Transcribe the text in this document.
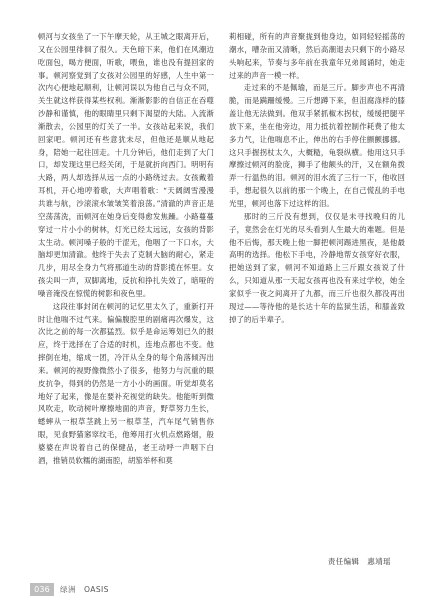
顿河与女孩坐了一下午摩天轮，从王城之眼离开后，又在公园里徘徊了很久。天色暗下来，他们在风潮边吃面包，喝方便面，听歌，喂鱼，谁也没有提回家的事。顿河察觉到了女孩对公园里的好感，人生中第一次内心便地起顺利，让顿河误以为他自己与众不同，关生就这样获得某些权利。渐渐影影的自信正在吞噬沙静和谨慎，他的眼睛里只剩下渴望的大陆。入流渐渐散去，公园里的灯关了一半。女孩站起来说，我们回家吧。顿河还有些意犹未尽，但他还是顺从地起身，陪她一起往回走。十几分钟后，他们走到了大门口，却发现这里已经关闭，于是就折向西门。明明有大路，两人却选择从远一点的小路绕过去。女孩戴着耳机，开心地哼着歌，大声唱着歌：“天阔阔雪漫漫共谁与航，沙滚滚水皱皱笑着浪荡。”清澈的声音正是空荡荡洗，而顿河在她身后变得愈发焦躁。小路蔓蔓穿过一片小小的树林，灯光已经太远远，女孩的背影太生动。顿河嗓子般的干涩无，他咽了一下口水，大脑却更加清澈。他终于失去了克制大脑的耐心，紧走几步，用尽全身力气将那道生动的背影揽在怀里。女孩尖叫一声，双脚离地，反抗和挣扎失效了，暗哑的噪音淹没在惊慌的树影和夜色里。

这段往事封闭在顿河的记忆里太久了，重新打开时让他喘不过气来。偏偏腹腔里的剧痛再次爆发，这次比之前的每一次都猛烈。似乎是命运筹划已久的报应，终于选择在了合适的时机，连地点都也不变。他摔倒在地，缩成一团，冷汗从全身的每个角落倾泻出来。顿河的视野像微然小了很多，他努力与沉重的眼皮抗争，得到的仍然是一方小小的画面。听觉却莫名地好了起来，像是在要补充视觉的缺失。他能听到微风吹走，吹动树叶摩擦地面的声音，野草努力生长，蟋蟀从一根草茎跳上另一根草茎，汽车尾气销售你眼，见食野猫窸窣纹毛，他筹用打火机点燃路烟，般婆婆在声说着自己的保健品，老王动呼一声咽下白酒，推销员软糯的湖南腔，胡笳举杯和莫

莉相碰，所有的声音聚拢到他身边，如同轻轻摇荡的潮水，嘈杂而又清晰，然后高潮退去只剩下的小路尽头响起来，节奏与多年前在我童年兄弟闻诵时，她走过来的声音一模一样。

走过来的不是佩瑜，而是三斤。脚步声也不再清脆，而是蹒跚缓慢。三斤想蹲下来，但沮腐涤样的膝盖让他无法做到。他双手紧抓椒木拐杖，缓缓把腿平放下来，坐在他旁边，用力抵抗着控制作耗费了他太多力气，让他喘息不止，伸出的右手停住颤颤挪挪。这只手握拐杖太久，大概糙，龟裂纵横。他用这只手摩擦过顿河的脸庞，狮手了他额头的汗，又在额角拨弄一行温热的泪。顿河的泪水流了三行一下，他收回手，想起很久以前的那一个晚上，在自己慌乱的手电光里，顿河也落下过这样的泪。

那时的三斤没有想到，仅仅是未寻找晚归的儿子，竟然会在灯光的尽头看到人生最大的难题。但是他不后悔，那天晚上他一脚把顿河踢进黑夜，是他最高明的选择。他松下手电，冷静地帮女孩穿好衣服，把她送到了家，顿河不知道路上三斤跟女孩说了什么，只知道从那一天起女孩再也没有来过学校，她全家似乎一夜之间离开了九都，而三斤也很久都没再出现过——等待他的是长达十年的监狱生活，和膝盖致掉了的后半辈子。

责任编辑　惠靖瑶
036	绿洲　OASIS
